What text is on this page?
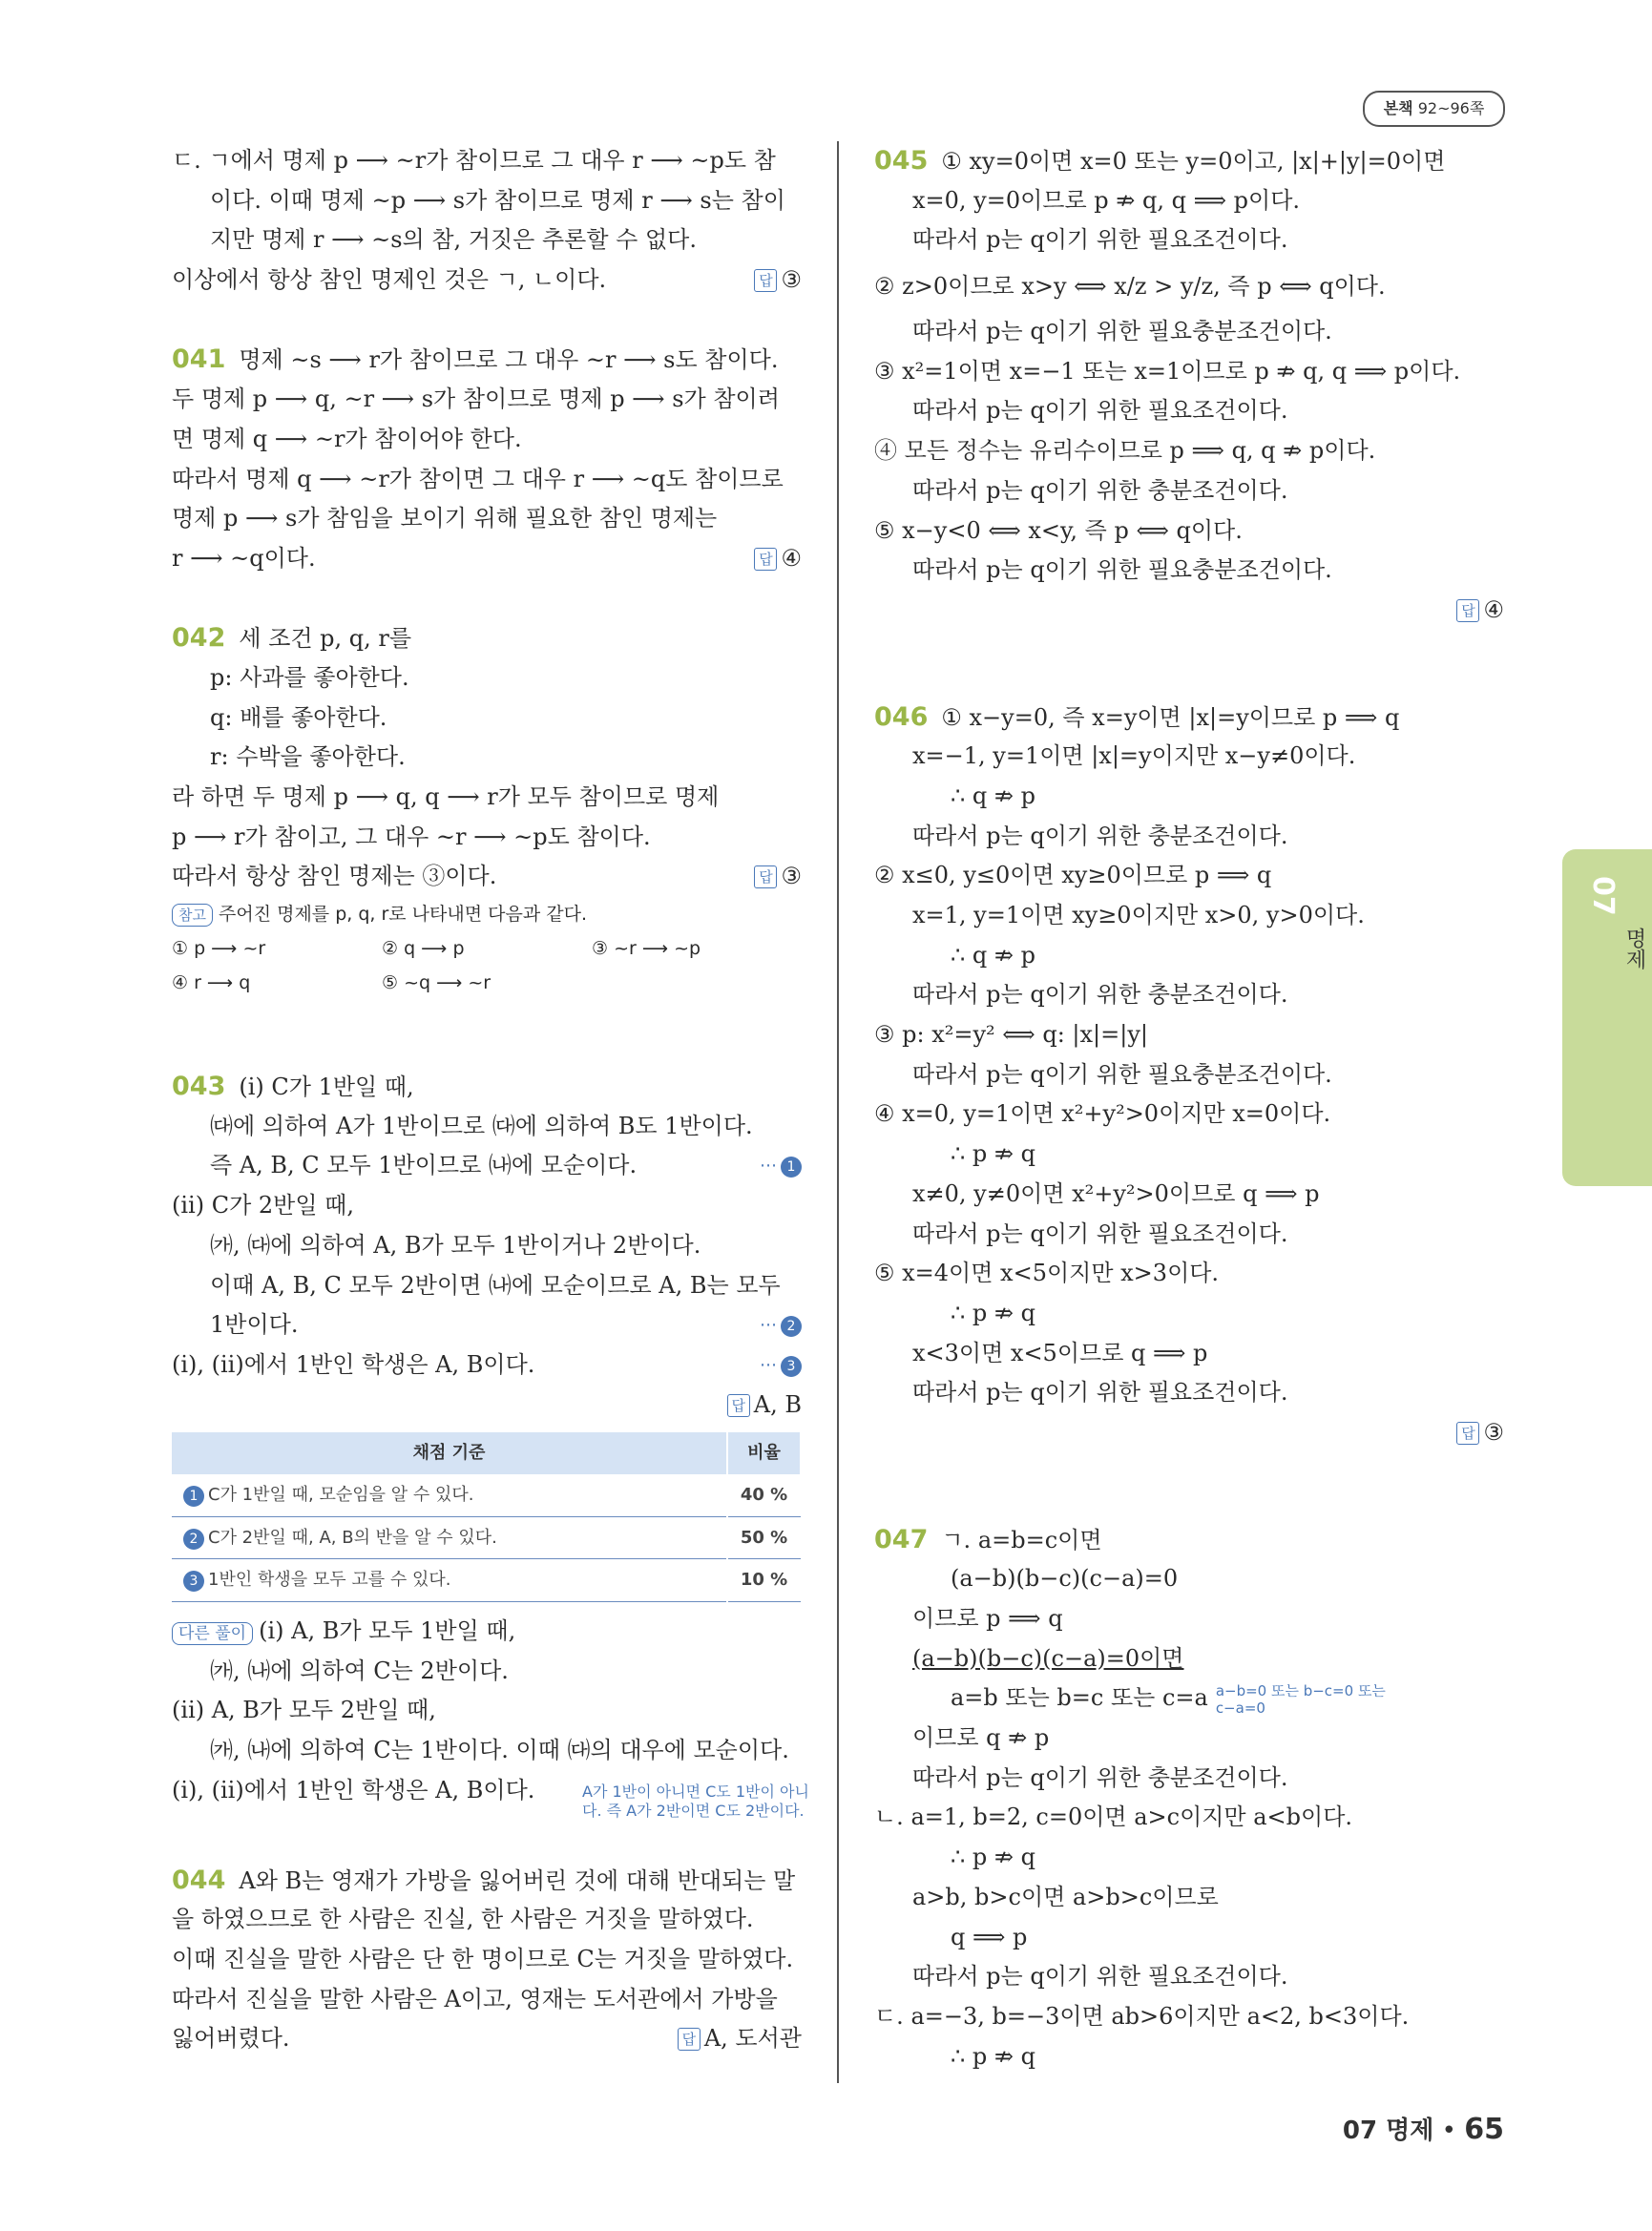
본책 92~96쪽
ㄷ. ㄱ에서 명제 p ⟶ ~r가 참이므로 그 대우 r ⟶ ~p도 참
이다. 이때 명제 ~p ⟶ s가 참이므로 명제 r ⟶ s는 참이
지만 명제 r ⟶ ~s의 참, 거짓은 추론할 수 없다.
이상에서 항상 참인 명제인 것은 ㄱ, ㄴ이다.	답 ③
041 명제 ~s ⟶ r가 참이므로 그 대우 ~r ⟶ s도 참이다.
두 명제 p ⟶ q, ~r ⟶ s가 참이므로 명제 p ⟶ s가 참이려
면 명제 q ⟶ ~r가 참이어야 한다.
따라서 명제 q ⟶ ~r가 참이면 그 대우 r ⟶ ~q도 참이므로
명제 p ⟶ s가 참임을 보이기 위해 필요한 참인 명제는
r ⟶ ~q이다.	답 ④
042 세 조건 p, q, r를
p: 사과를 좋아한다.
q: 배를 좋아한다.
r: 수박을 좋아한다.
라 하면 두 명제 p ⟶ q, q ⟶ r가 모두 참이므로 명제
p ⟶ r가 참이고, 그 대우 ~r ⟶ ~p도 참이다.
따라서 항상 참인 명제는 ③이다.	답 ③
참고 주어진 명제를 p, q, r로 나타내면 다음과 같다.
① p ⟶ ~r	② q ⟶ p	③ ~r ⟶ ~p
④ r ⟶ q	⑤ ~q ⟶ ~r
043 (ⅰ) C가 1반일 때,
㈐에 의하여 A가 1반이므로 ㈐에 의하여 B도 1반이다.
즉 A, B, C 모두 1반이므로 ㈏에 모순이다.	⋯ 1
(ⅱ) C가 2반일 때,
㈎, ㈐에 의하여 A, B가 모두 1반이거나 2반이다.
이때 A, B, C 모두 2반이면 ㈏에 모순이므로 A, B는 모두
1반이다.	⋯ 2
(ⅰ), (ⅱ)에서 1반인 학생은 A, B이다.	⋯ 3
답 A, B
채점 기준	비율
1 C가 1반일 때, 모순임을 알 수 있다.	40 %
2 C가 2반일 때, A, B의 반을 알 수 있다.	50 %
3 1반인 학생을 모두 고를 수 있다.	10 %
다른 풀이 (ⅰ) A, B가 모두 1반일 때,
㈎, ㈏에 의하여 C는 2반이다.
(ⅱ) A, B가 모두 2반일 때,
㈎, ㈏에 의하여 C는 1반이다. 이때 ㈐의 대우에 모순이다.
(ⅰ), (ⅱ)에서 1반인 학생은 A, B이다.	A가 1반이 아니면 C도 1반이 아니다. 즉 A가 2반이면 C도 2반이다.
044 A와 B는 영재가 가방을 잃어버린 것에 대해 반대되는 말
을 하였으므로 한 사람은 진실, 한 사람은 거짓을 말하였다.
이때 진실을 말한 사람은 단 한 명이므로 C는 거짓을 말하였다.
따라서 진실을 말한 사람은 A이고, 영재는 도서관에서 가방을
잃어버렸다.	답 A, 도서관
045 ① xy=0이면 x=0 또는 y=0이고, |x|+|y|=0이면
x=0, y=0이므로 p ⇏ q, q ⟹ p이다.
따라서 p는 q이기 위한 필요조건이다.
② z>0이므로 x>y ⟺ x/z > y/z, 즉 p ⟺ q이다.
따라서 p는 q이기 위한 필요충분조건이다.
③ x²=1이면 x=−1 또는 x=1이므로 p ⇏ q, q ⟹ p이다.
따라서 p는 q이기 위한 필요조건이다.
④ 모든 정수는 유리수이므로 p ⟹ q, q ⇏ p이다.
따라서 p는 q이기 위한 충분조건이다.
⑤ x−y<0 ⟺ x<y, 즉 p ⟺ q이다.
따라서 p는 q이기 위한 필요충분조건이다.
답 ④
046 ① x−y=0, 즉 x=y이면 |x|=y이므로 p ⟹ q
x=−1, y=1이면 |x|=y이지만 x−y≠0이다.
∴ q ⇏ p
따라서 p는 q이기 위한 충분조건이다.
② x≤0, y≤0이면 xy≥0이므로 p ⟹ q
x=1, y=1이면 xy≥0이지만 x>0, y>0이다.
∴ q ⇏ p
따라서 p는 q이기 위한 충분조건이다.
③ p: x²=y² ⟺ q: |x|=|y|
따라서 p는 q이기 위한 필요충분조건이다.
④ x=0, y=1이면 x²+y²>0이지만 x=0이다.
∴ p ⇏ q
x≠0, y≠0이면 x²+y²>0이므로 q ⟹ p
따라서 p는 q이기 위한 필요조건이다.
⑤ x=4이면 x<5이지만 x>3이다.
∴ p ⇏ q
x<3이면 x<5이므로 q ⟹ p
따라서 p는 q이기 위한 필요조건이다.
답 ③
047 ㄱ. a=b=c이면
(a−b)(b−c)(c−a)=0
이므로 p ⟹ q
(a−b)(b−c)(c−a)=0이면
a=b 또는 b=c 또는 c=a a−b=0 또는 b−c=0 또는 c−a=0
이므로 q ⇏ p
따라서 p는 q이기 위한 충분조건이다.
ㄴ. a=1, b=2, c=0이면 a>c이지만 a<b이다.
∴ p ⇏ q
a>b, b>c이면 a>b>c이므로
q ⟹ p
따라서 p는 q이기 위한 필요조건이다.
ㄷ. a=−3, b=−3이면 ab>6이지만 a<2, b<3이다.
∴ p ⇏ q
07
명제
07 명제 • 65
